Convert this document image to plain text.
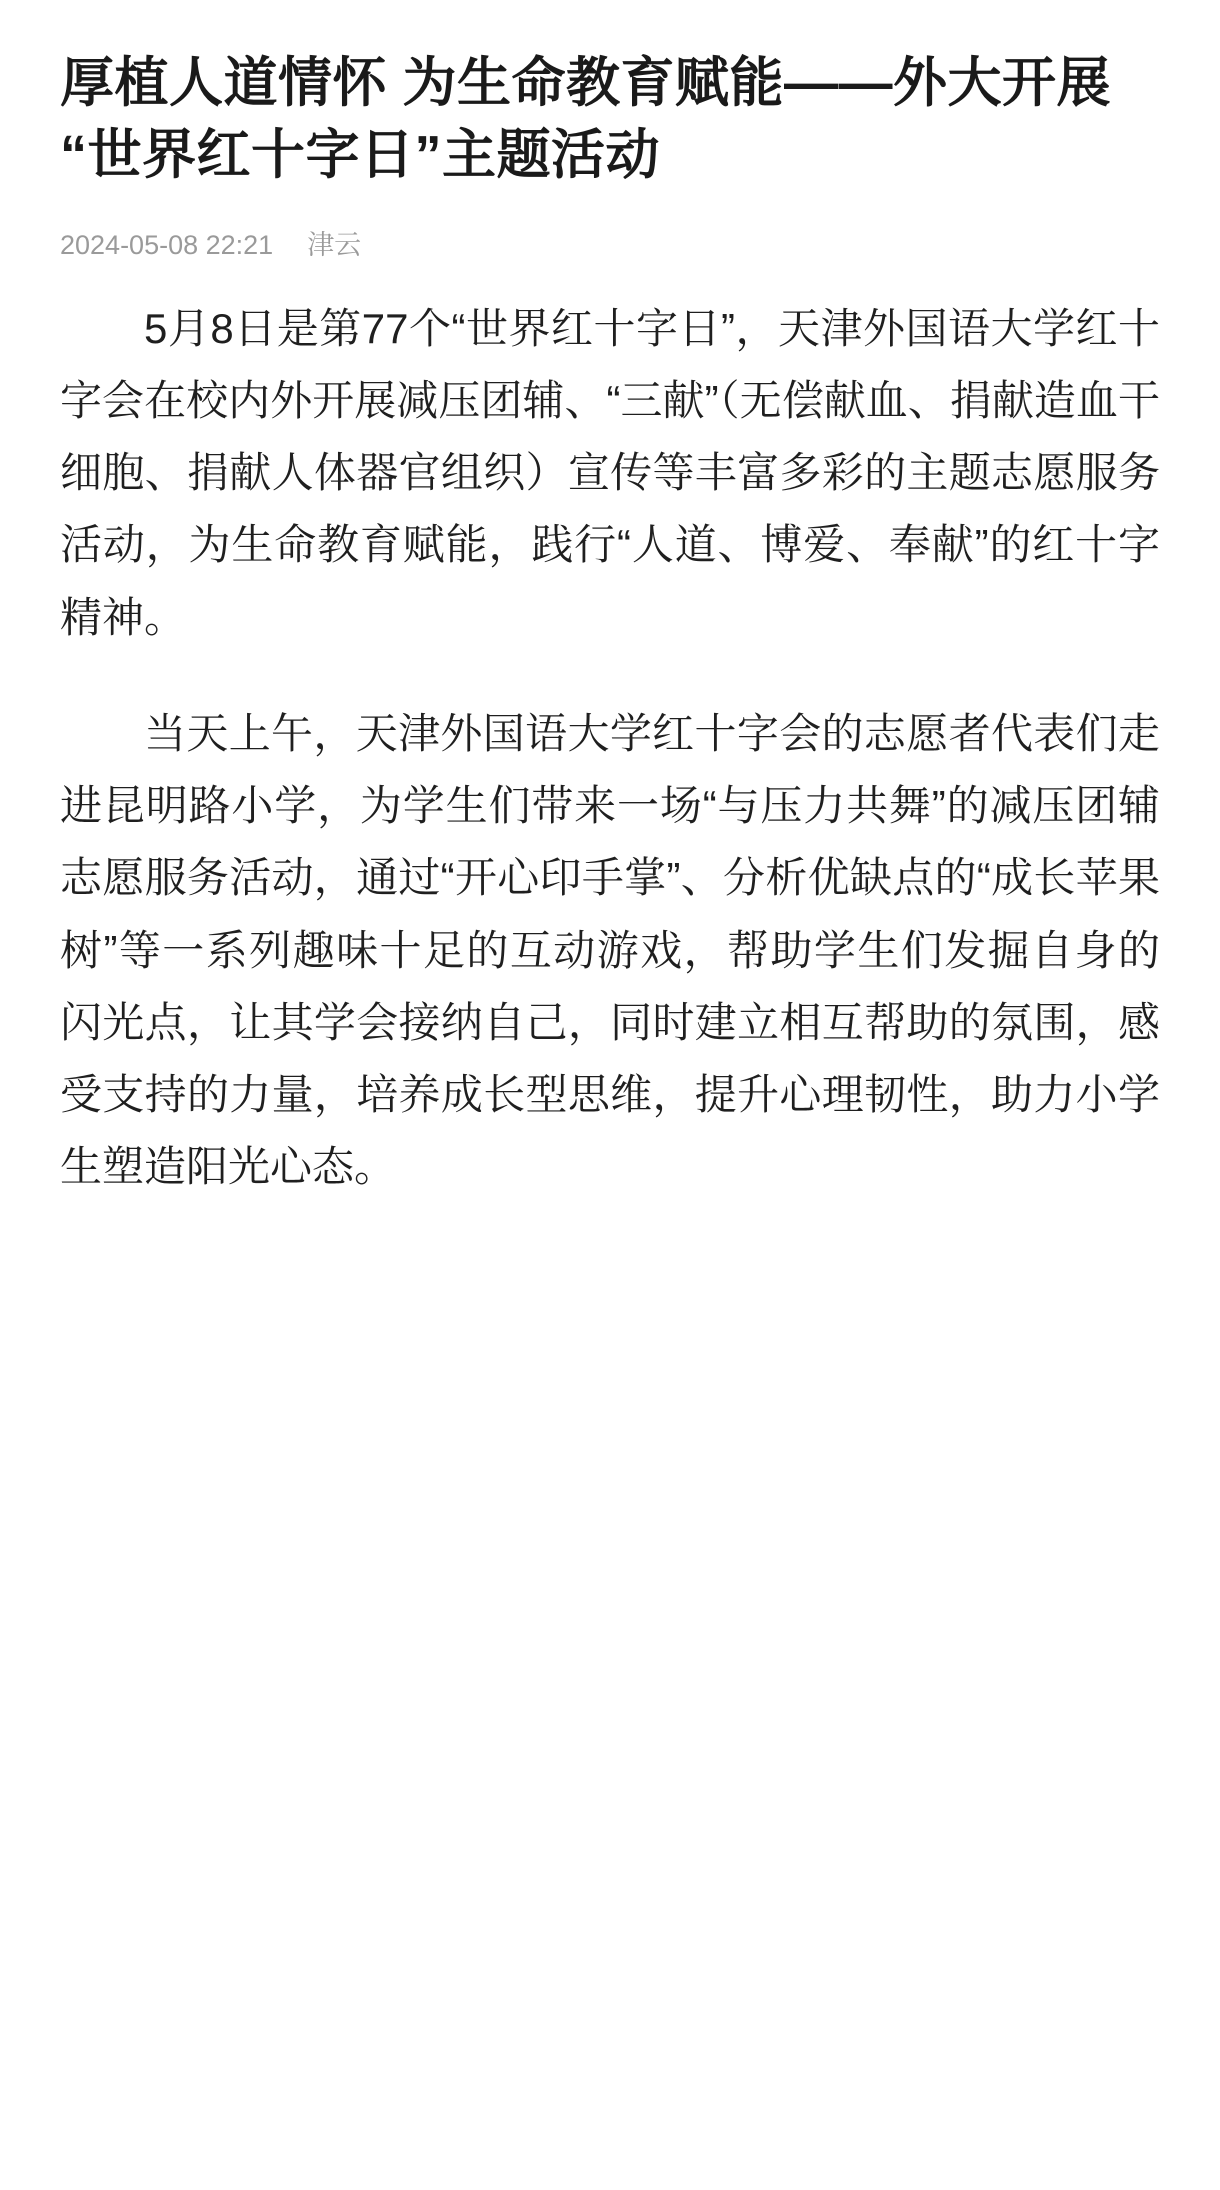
厚植人道情怀 为生命教育赋能——外大开展“世界红十字日”主题活动
2024-05-08 22:21 津云

5月8日是第77个“世界红十字日”，天津外国语大学红十字会在校内外开展减压团辅、“三献”（无偿献血、捐献造血干细胞、捐献人体器官组织）宣传等丰富多彩的主题志愿服务活动，为生命教育赋能，践行“人道、博爱、奉献”的红十字精神。

当天上午，天津外国语大学红十字会的志愿者代表们走进昆明路小学，为学生们带来一场“与压力共舞”的减压团辅志愿服务活动，通过“开心印手掌”、分析优缺点的“成长苹果树”等一系列趣味十足的互动游戏，帮助学生们发掘自身的闪光点，让其学会接纳自己，同时建立相互帮助的氛围，感受支持的力量，培养成长型思维，提升心理韧性，助力小学生塑造阳光心态。
